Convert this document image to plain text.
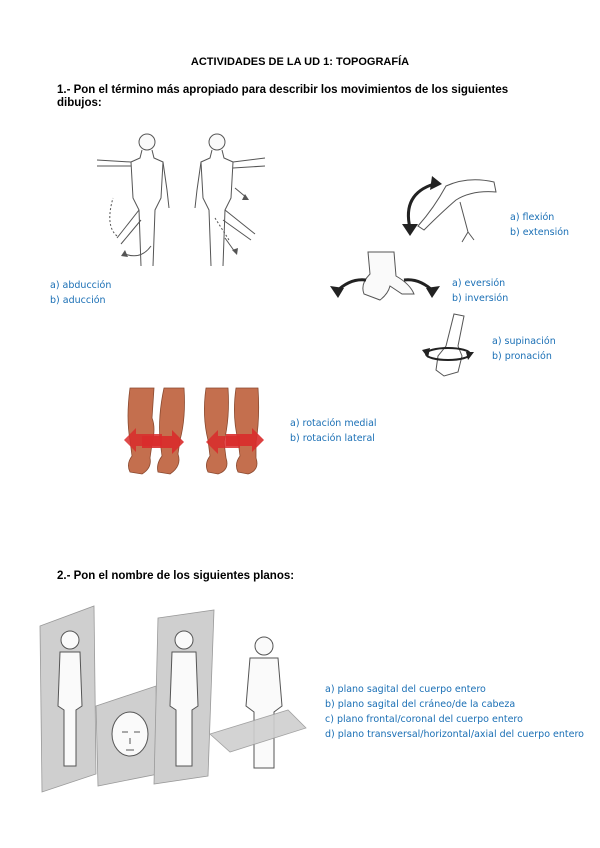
ACTIVIDADES DE LA UD 1: TOPOGRAFÍA
1.- Pon el término más apropiado para describir los movimientos de los siguientes
dibujos:
a) abducción
b) aducción
a) flexión
b) extensión
a) eversión
b) inversión
a) supinación
b) pronación
a) rotación medial
b) rotación lateral
2.- Pon el nombre de los siguientes planos:
a) plano sagital del cuerpo entero
b) plano sagital del cráneo/de la cabeza
c) plano frontal/coronal del cuerpo entero
d) plano transversal/horizontal/axial del cuerpo entero
